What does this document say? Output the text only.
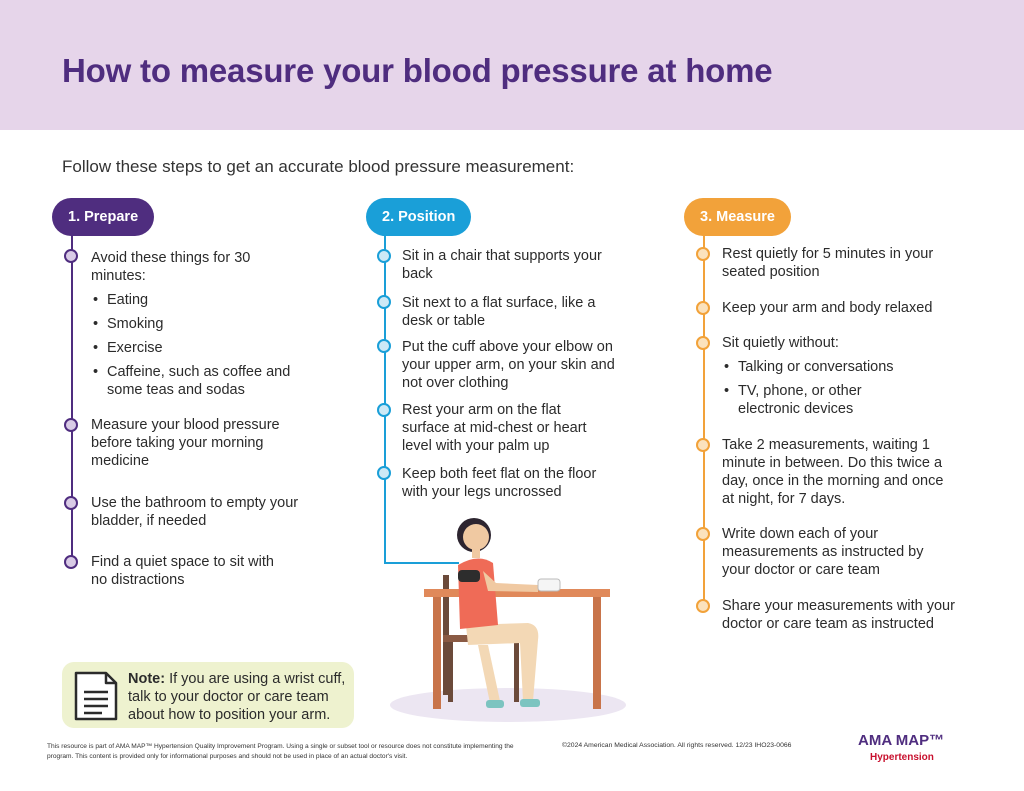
How to measure your blood pressure at home
Follow these steps to get an accurate blood pressure measurement:
1. Prepare
Avoid these things for 30 minutes:
• Eating
• Smoking
• Exercise
• Caffeine, such as coffee and some teas and sodas
Measure your blood pressure before taking your morning medicine
Use the bathroom to empty your bladder, if needed
Find a quiet space to sit with no distractions
2. Position
Sit in a chair that supports your back
Sit next to a flat surface, like a desk or table
Put the cuff above your elbow on your upper arm, on your skin and not over clothing
Rest your arm on the flat surface at mid-chest or heart level with your palm up
Keep both feet flat on the floor with your legs uncrossed
3. Measure
Rest quietly for 5 minutes in your seated position
Keep your arm and body relaxed
Sit quietly without:
• Talking or conversations
• TV, phone, or other electronic devices
Take 2 measurements, waiting 1 minute in between. Do this twice a day, once in the morning and once at night, for 7 days.
Write down each of your measurements as instructed by your doctor or care team
Share your measurements with your doctor or care team as instructed
Note: If you are using a wrist cuff, talk to your doctor or care team about how to position your arm.
This resource is part of AMA MAP™ Hypertension Quality Improvement Program. Using a single or subset tool or resource does not constitute implementing the program. This content is provided only for informational purposes and should not be used in place of an actual doctor's visit.
©2024 American Medical Association. All rights reserved. 12/23 IHO23-0066	AMA MAP™
Hypertension
